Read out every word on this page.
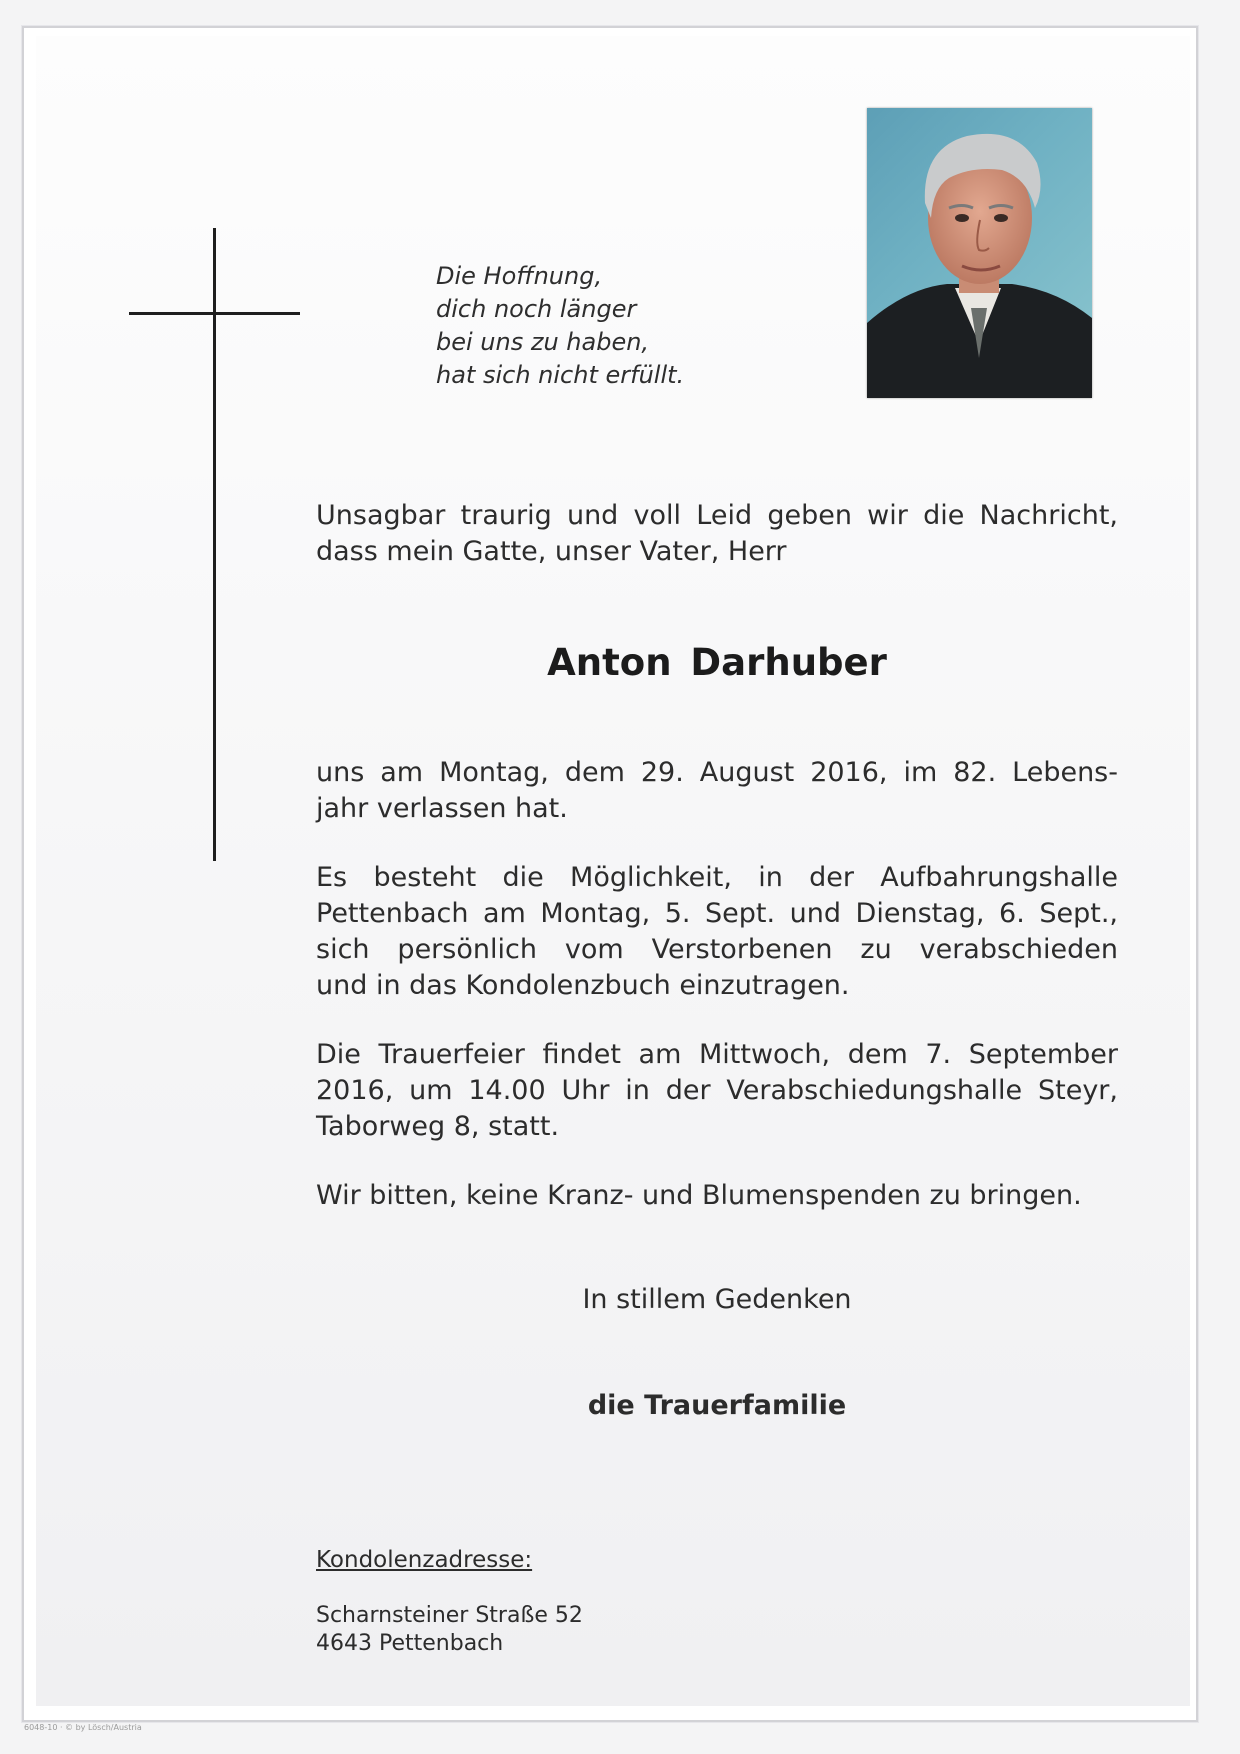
Die Hoffnung,
dich noch länger
bei uns zu haben,
hat sich nicht erfüllt.
Unsagbar traurig und voll Leid geben wir die Nachricht,
dass mein Gatte, unser Vater, Herr
Anton Darhuber
uns am Montag, dem 29. August 2016, im 82. Lebens-
jahr verlassen hat.
Es besteht die Möglichkeit, in der Aufbahrungshalle
Pettenbach am Montag, 5. Sept. und Dienstag, 6. Sept.,
sich persönlich vom Verstorbenen zu verabschieden
und in das Kondolenzbuch einzutragen.
Die Trauerfeier findet am Mittwoch, dem 7. September
2016, um 14.00 Uhr in der Verabschiedungshalle Steyr,
Taborweg 8, statt.
Wir bitten, keine Kranz- und Blumenspenden zu bringen.
In stillem Gedenken
die Trauerfamilie
Kondolenzadresse:
Scharnsteiner Straße 52
4643 Pettenbach
6048-10 · © by Lösch/Austria
